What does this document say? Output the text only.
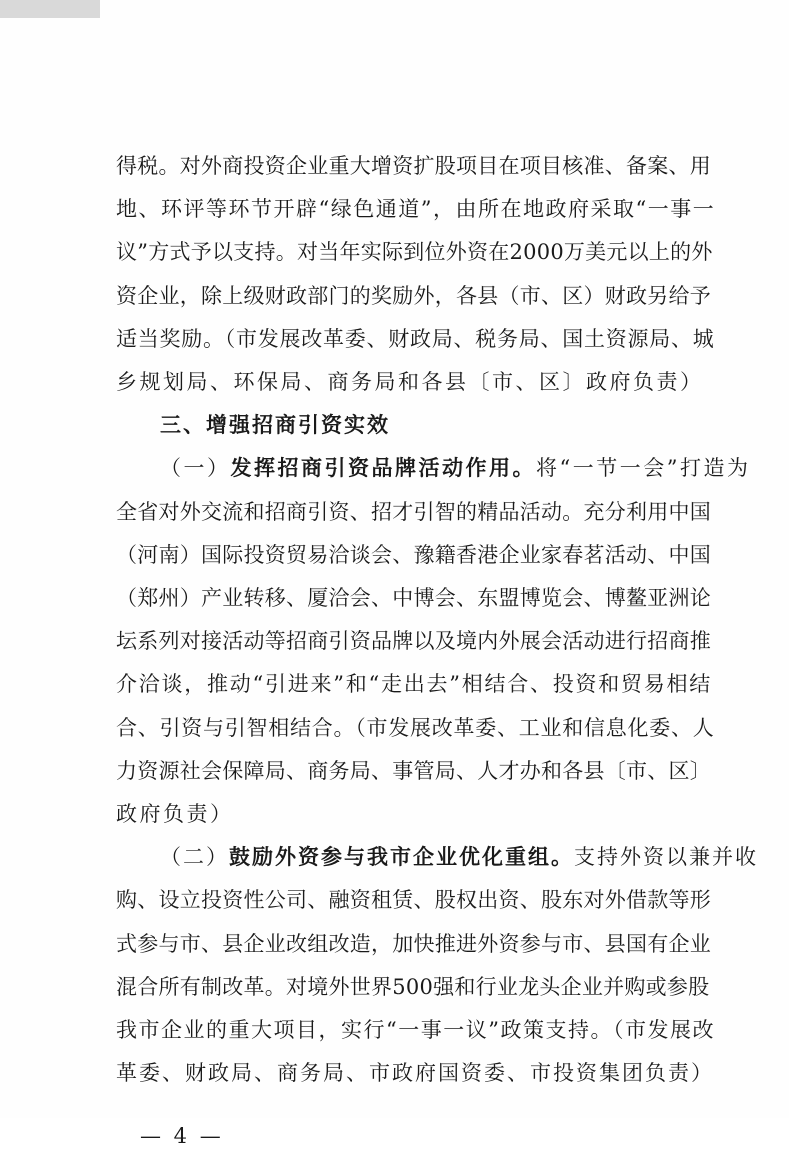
得税。对外商投资企业重大增资扩股项目在项目核准、备案、用
地、环评等环节开辟“绿色通道”，由所在地政府采取“一事一
议”方式予以支持。对当年实际到位外资在2000万美元以上的外
资企业，除上级财政部门的奖励外，各县（市、区）财政另给予
适当奖励。（市发展改革委、财政局、税务局、国土资源局、城
乡规划局、环保局、商务局和各县〔市、区〕政府负责）
三、增强招商引资实效
（一）发挥招商引资品牌活动作用。将“一节一会”打造为
全省对外交流和招商引资、招才引智的精品活动。充分利用中国
（河南）国际投资贸易洽谈会、豫籍香港企业家春茗活动、中国
（郑州）产业转移、厦洽会、中博会、东盟博览会、博鳌亚洲论
坛系列对接活动等招商引资品牌以及境内外展会活动进行招商推
介洽谈，推动“引进来”和“走出去”相结合、投资和贸易相结
合、引资与引智相结合。（市发展改革委、工业和信息化委、人
力资源社会保障局、商务局、事管局、人才办和各县〔市、区〕
政府负责）
（二）鼓励外资参与我市企业优化重组。支持外资以兼并收
购、设立投资性公司、融资租赁、股权出资、股东对外借款等形
式参与市、县企业改组改造，加快推进外资参与市、县国有企业
混合所有制改革。对境外世界500强和行业龙头企业并购或参股
我市企业的重大项目，实行“一事一议”政策支持。（市发展改
革委、财政局、商务局、市政府国资委、市投资集团负责）
— 4 —
